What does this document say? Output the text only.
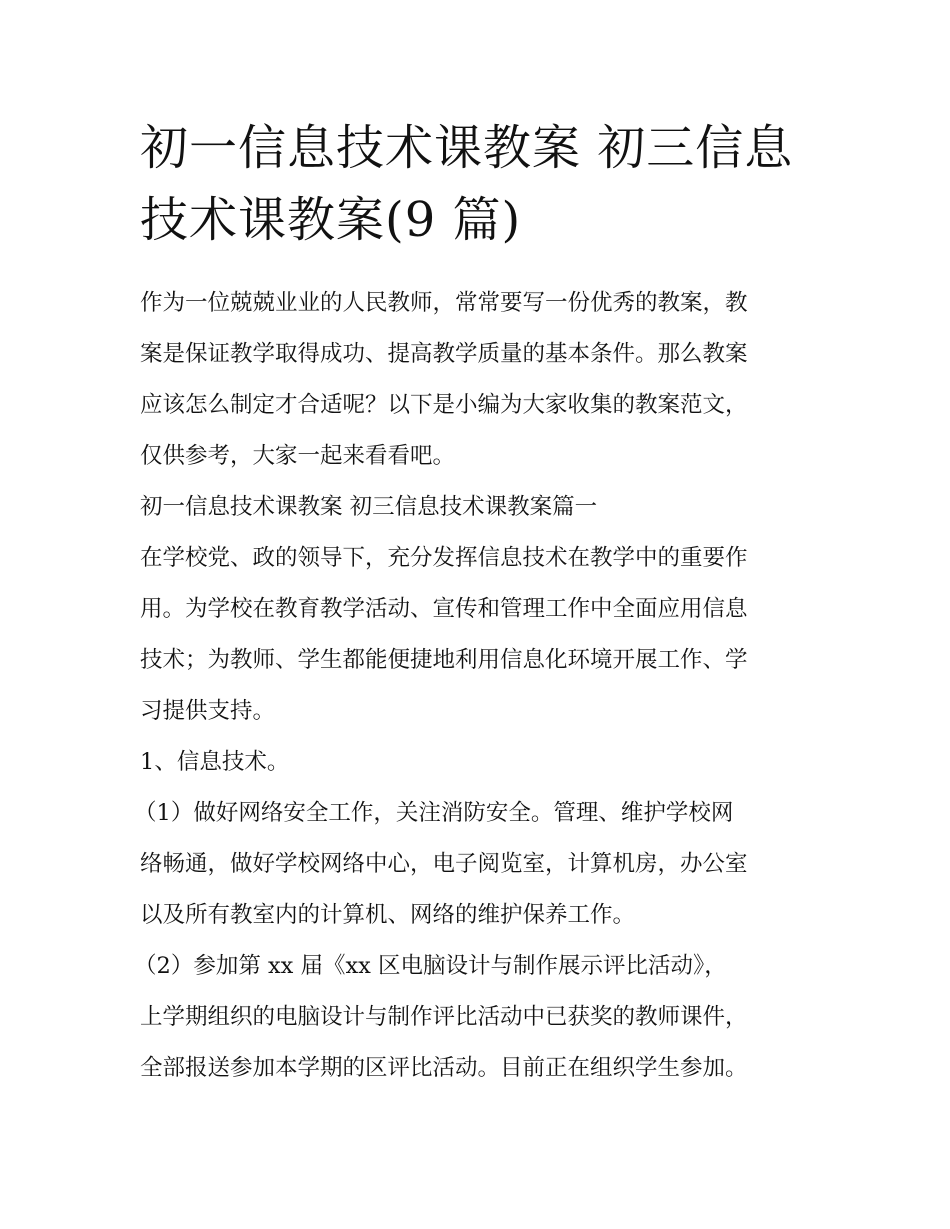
初一信息技术课教案 初三信息
技术课教案(9 篇)

作为一位兢兢业业的人民教师，常常要写一份优秀的教案，教

案是保证教学取得成功、提高教学质量的基本条件。那么教案

应该怎么制定才合适呢？以下是小编为大家收集的教案范文，

仅供参考，大家一起来看看吧。

初一信息技术课教案 初三信息技术课教案篇一

在学校党、政的领导下，充分发挥信息技术在教学中的重要作

用。为学校在教育教学活动、宣传和管理工作中全面应用信息

技术；为教师、学生都能便捷地利用信息化环境开展工作、学

习提供支持。

1、信息技术。

（1）做好网络安全工作，关注消防安全。管理、维护学校网

络畅通，做好学校网络中心，电子阅览室，计算机房，办公室

以及所有教室内的计算机、网络的维护保养工作。

（2）参加第 xx 届《xx 区电脑设计与制作展示评比活动》，

上学期组织的电脑设计与制作评比活动中已获奖的教师课件，

全部报送参加本学期的区评比活动。目前正在组织学生参加。
